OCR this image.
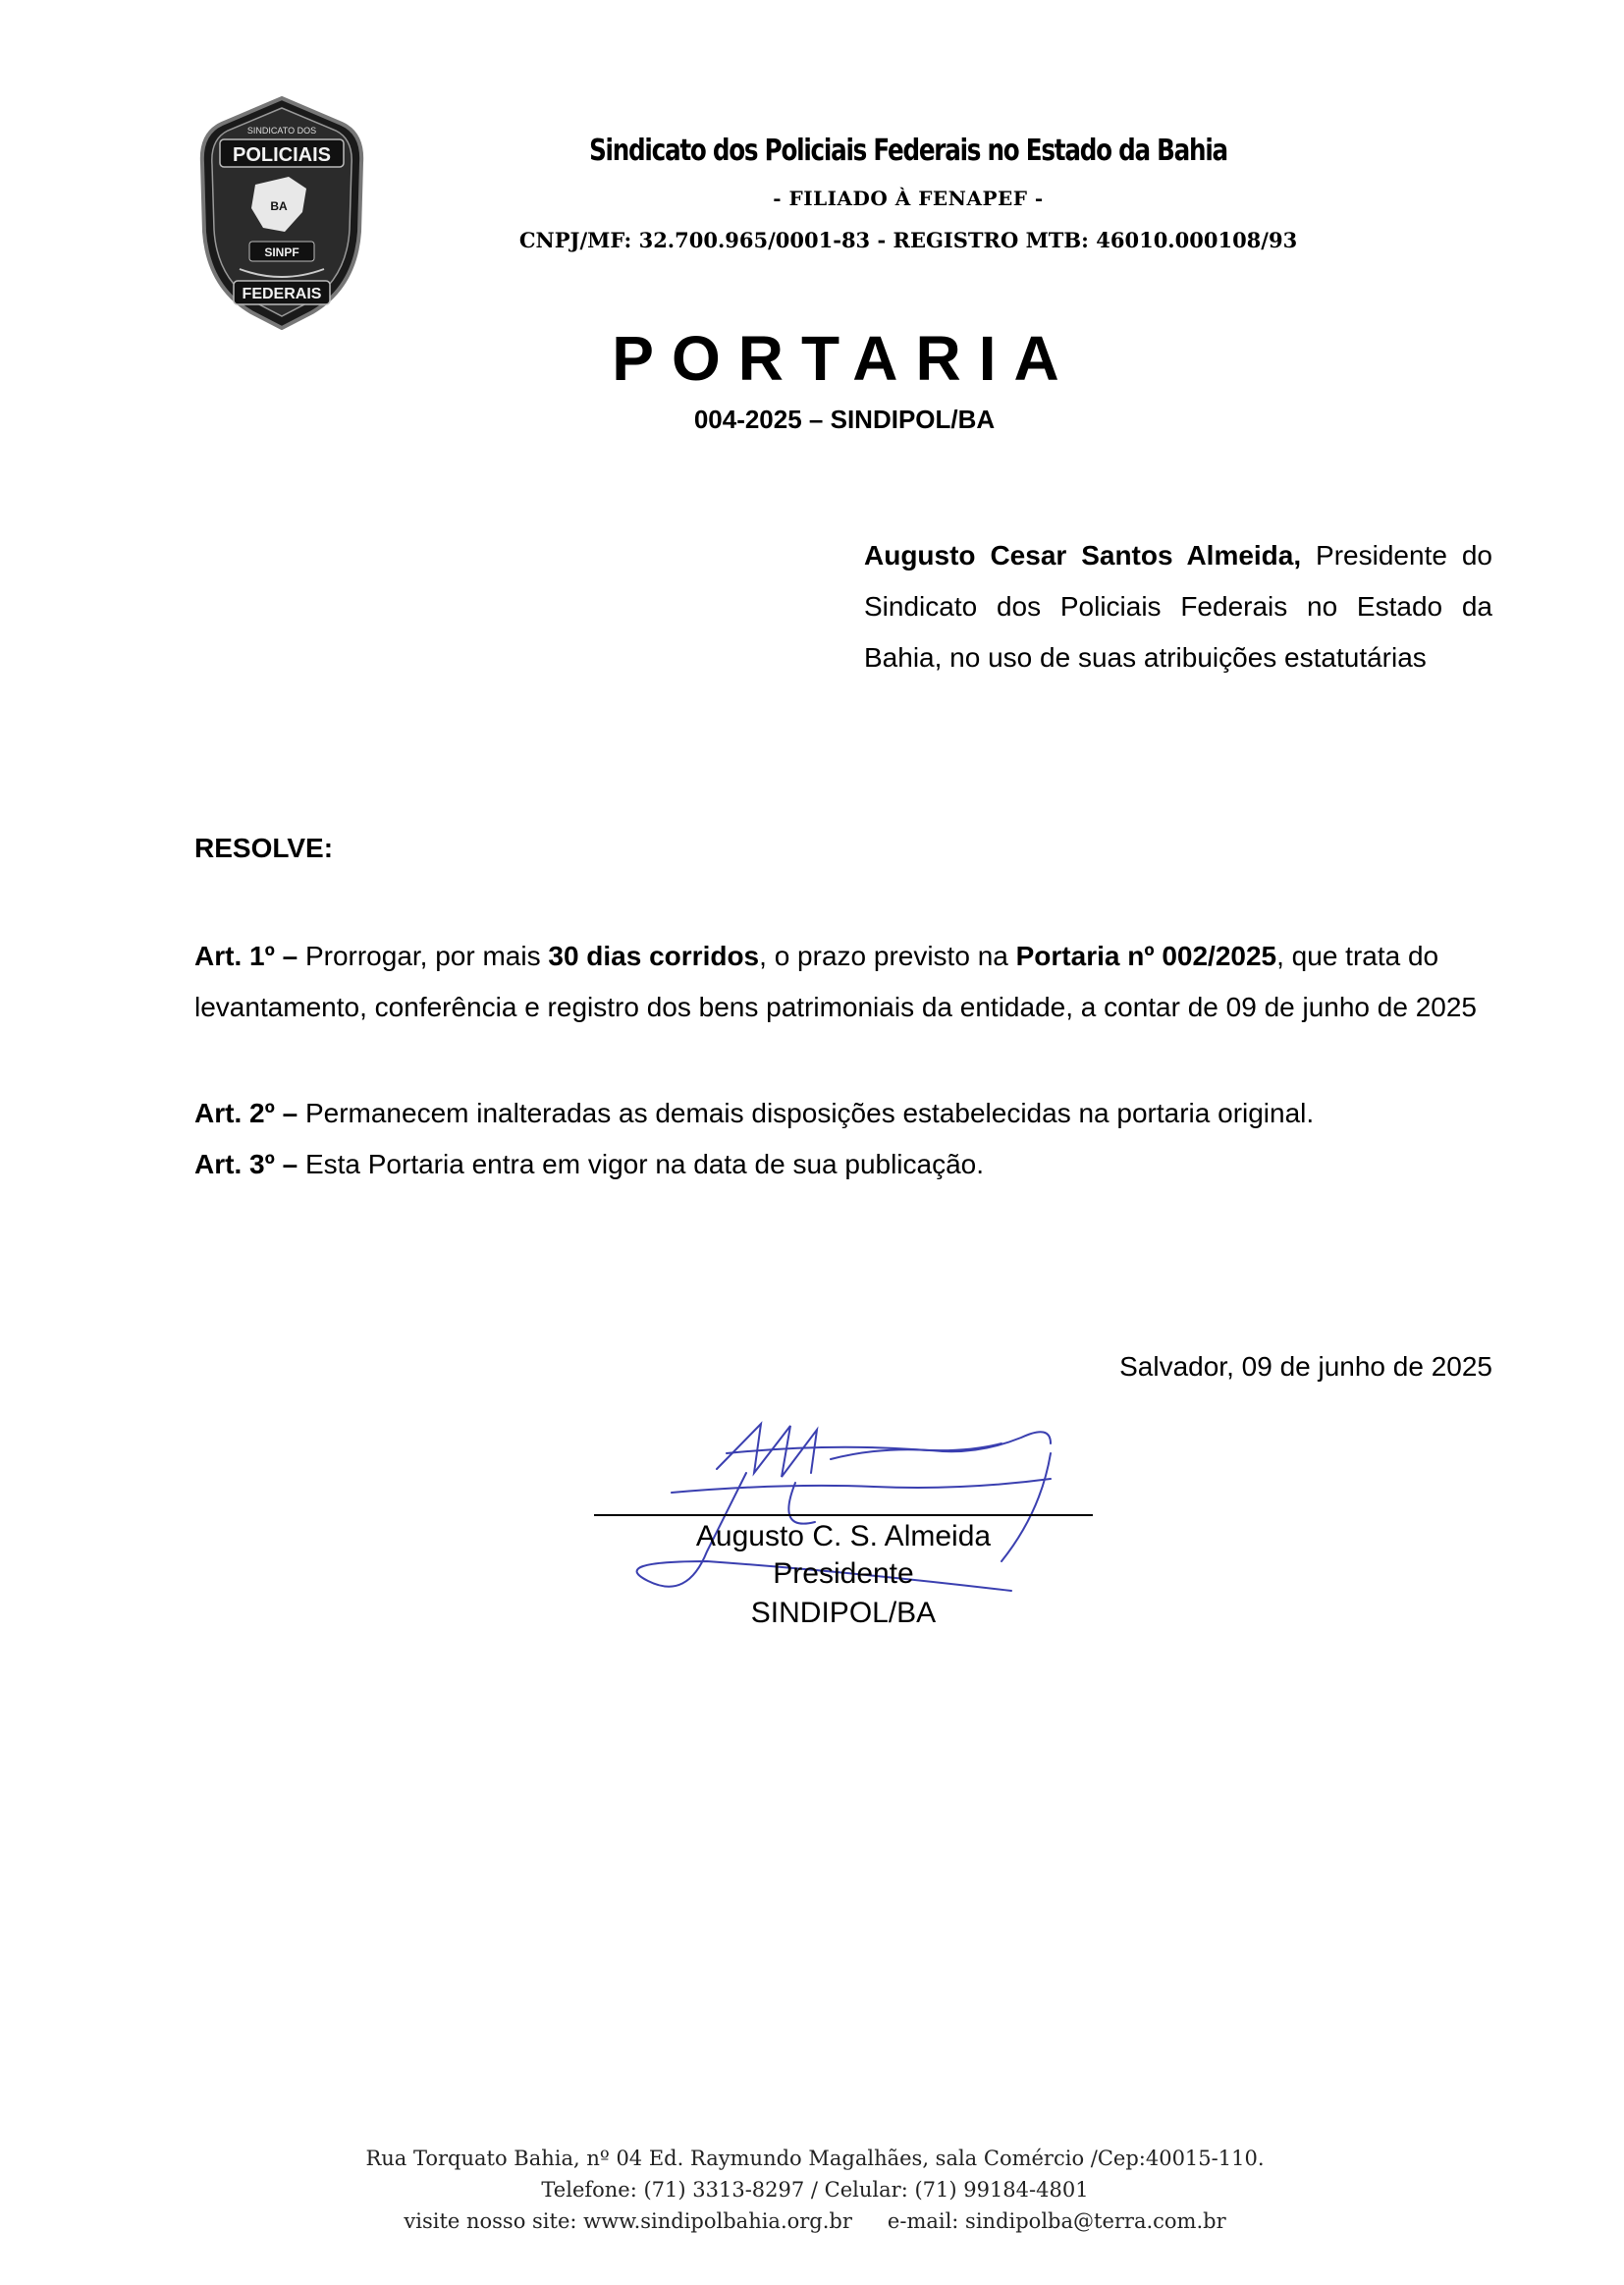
SINDICATO DOS
POLICIAIS
BA
SINPF
FEDERAIS
Sindicato dos Policiais Federais no Estado da Bahia
- FILIADO À FENAPEF -
CNPJ/MF: 32.700.965/0001-83 - REGISTRO MTB: 46010.000108/93
PORTARIA
004-2025 – SINDIPOL/BA
Augusto Cesar Santos Almeida, Presidente do Sindicato dos Policiais Federais no Estado da Bahia, no uso de suas atribuições estatutárias
RESOLVE:
Art. 1º – Prorrogar, por mais 30 dias corridos, o prazo previsto na Portaria nº 002/2025, que trata do levantamento, conferência e registro dos bens patrimoniais da entidade, a contar de 09 de junho de 2025
Art. 2º – Permanecem inalteradas as demais disposições estabelecidas na portaria original.
Art. 3º – Esta Portaria entra em vigor na data de sua publicação.
Salvador, 09 de junho de 2025
Augusto C. S. Almeida
Presidente
SINDIPOL/BA
Rua Torquato Bahia, nº 04 Ed. Raymundo Magalhães, sala Comércio /Cep:40015-110.
Telefone: (71) 3313-8297 / Celular: (71) 99184-4801
visite nosso site: www.sindipolbahia.org.br e-mail: sindipolba@terra.com.br
